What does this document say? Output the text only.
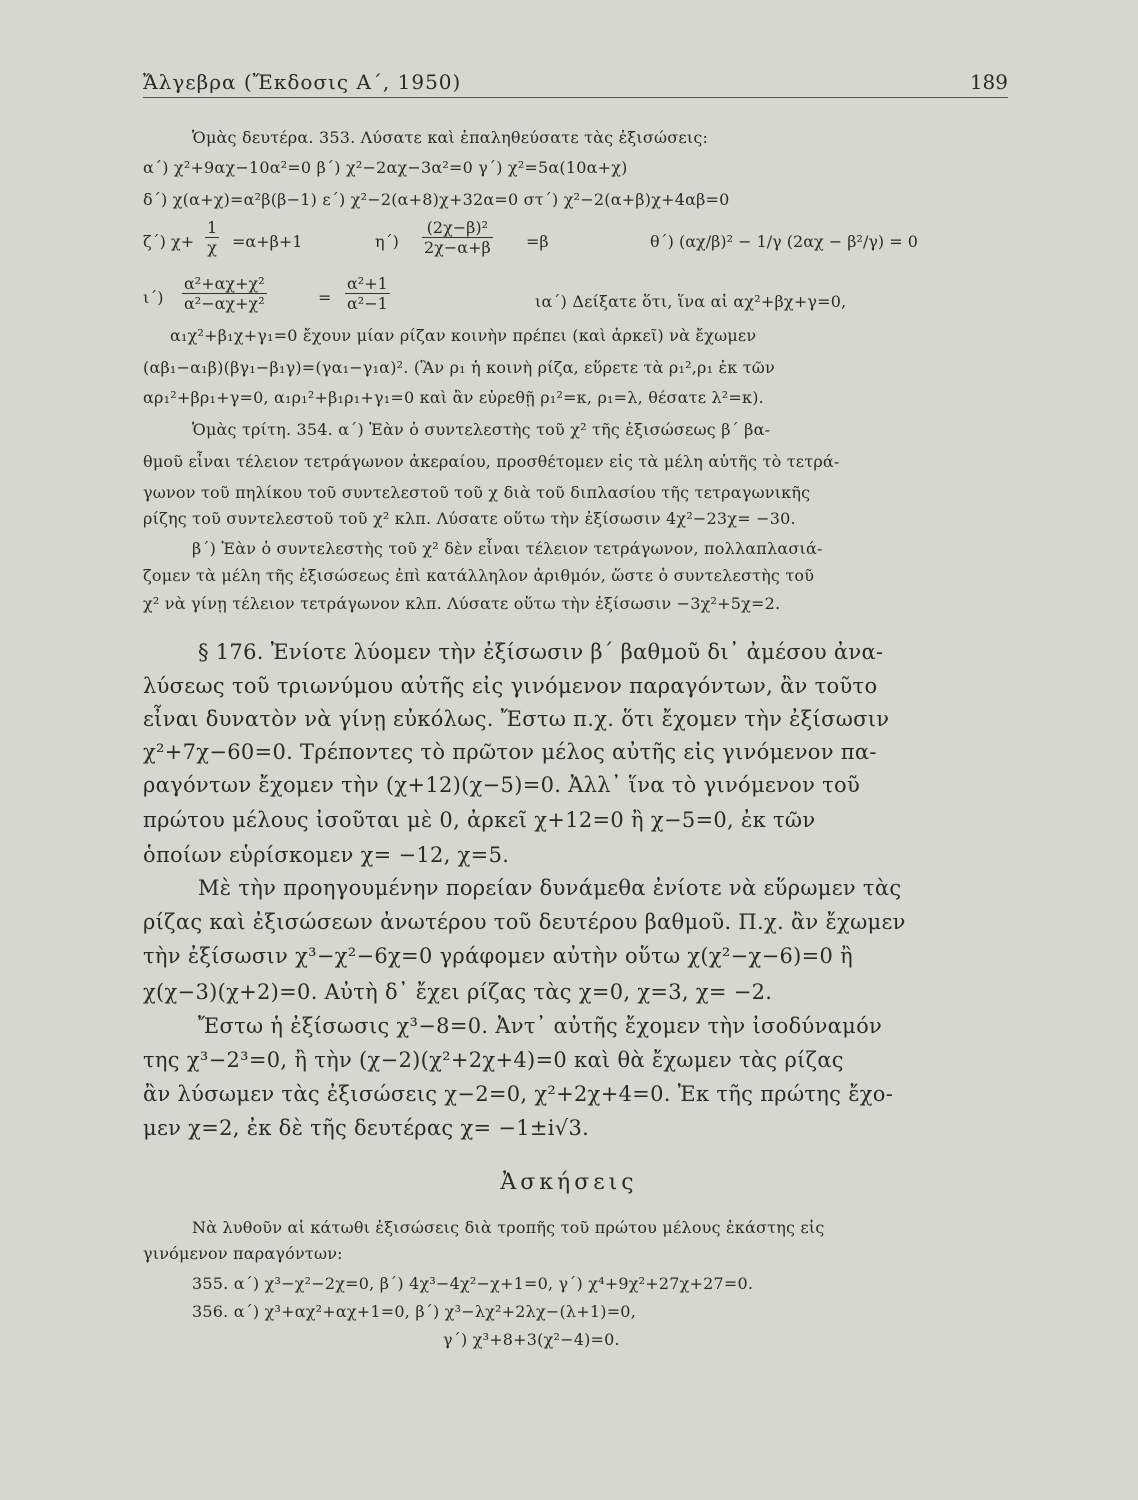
Ἄλγεβρα (Ἔκδοσις Α΄, 1950)	189
Ὁμὰς δευτέρα. 353. Λύσατε καὶ ἐπαληθεύσατε τὰς ἐξισώσεις:
α΄) χ²+9αχ−10α²=0 β΄) χ²−2αχ−3α²=0 γ΄) χ²=5α(10α+χ)
δ΄) χ(α+χ)=α²β(β−1) ε΄) χ²−2(α+8)χ+32α=0 στ΄) χ²−2(α+β)χ+4αβ=0
ζ΄) $\chi+ \frac{1}{\chi} =\alpha+\beta+1$	$\eta΄) \frac{\text{(2χ−β)²}}{2\chi-\alpha+\beta} =\beta$	θ΄) (αχ/β)² − 1/γ (2αχ − β²/γ) = 0
$\iota΄) \frac{\text{α²+αχ+χ²}}{\text{α²−αχ+χ²}}$	= $\frac{\text{α²+1}}{\text{α²−1}}$	ια΄) Δείξατε ὅτι, ἵνα αἱ αχ²+βχ+γ=0,
α₁χ²+β₁χ+γ₁=0 ἔχουν μίαν ρίζαν κοινὴν πρέπει (καὶ ἀρκεῖ) νὰ ἔχωμεν
(αβ₁−α₁β)(βγ₁−β₁γ)=(γα₁−γ₁α)². (Ἂν ρ₁ ἡ κοινὴ ρίζα, εὕρετε τὰ ρ₁²,ρ₁ ἐκ τῶν
αρ₁²+βρ₁+γ=0, α₁ρ₁²+β₁ρ₁+γ₁=0 καὶ ἂν εὑρεθῇ ρ₁²=κ, ρ₁=λ, θέσατε λ²=κ).
Ὁμὰς τρίτη. 354. α΄) Ἐὰν ὁ συντελεστὴς τοῦ χ² τῆς ἐξισώσεως β΄ βα-
θμοῦ εἶναι τέλειον τετράγωνον ἀκεραίου, προσθέτομεν εἰς τὰ μέλη αὐτῆς τὸ τετρά-
γωνον τοῦ πηλίκου τοῦ συντελεστοῦ τοῦ χ διὰ τοῦ διπλασίου τῆς τετραγωνικῆς
ρίζης τοῦ συντελεστοῦ τοῦ χ² κλπ. Λύσατε οὕτω τὴν ἐξίσωσιν 4χ²−23χ= −30.
β΄) Ἐὰν ὁ συντελεστὴς τοῦ χ² δὲν εἶναι τέλειον τετράγωνον, πολλαπλασιά-
ζομεν τὰ μέλη τῆς ἐξισώσεως ἐπὶ κατάλληλον ἀριθμόν, ὥστε ὁ συντελεστὴς τοῦ
χ² νὰ γίνῃ τέλειον τετράγωνον κλπ. Λύσατε οὕτω τὴν ἐξίσωσιν −3χ²+5χ=2.
§ 176. Ἐνίοτε λύομεν τὴν ἐξίσωσιν β΄ βαθμοῦ δι᾽ ἀμέσου ἀνα-
λύσεως τοῦ τριωνύμου αὐτῆς εἰς γινόμενον παραγόντων, ἂν τοῦτο
εἶναι δυνατὸν νὰ γίνῃ εὐκόλως. Ἔστω π.χ. ὅτι ἔχομεν τὴν ἐξίσωσιν
χ²+7χ−60=0. Τρέποντες τὸ πρῶτον μέλος αὐτῆς εἰς γινόμενον πα-
ραγόντων ἔχομεν τὴν (χ+12)(χ−5)=0. Ἀλλ᾽ ἵνα τὸ γινόμενον τοῦ
πρώτου μέλους ἰσοῦται μὲ 0, ἀρκεῖ χ+12=0 ἢ χ−5=0, ἐκ τῶν
ὁποίων εὑρίσκομεν χ= −12, χ=5.
Μὲ τὴν προηγουμένην πορείαν δυνάμεθα ἐνίοτε νὰ εὕρωμεν τὰς
ρίζας καὶ ἐξισώσεων ἀνωτέρου τοῦ δευτέρου βαθμοῦ. Π.χ. ἂν ἔχωμεν
τὴν ἐξίσωσιν χ³−χ²−6χ=0 γράφομεν αὐτὴν οὕτω χ(χ²−χ−6)=0 ἢ
χ(χ−3)(χ+2)=0. Αὐτὴ δ᾽ ἔχει ρίζας τὰς χ=0, χ=3, χ= −2.
Ἔστω ἡ ἐξίσωσις χ³−8=0. Ἀντ᾽ αὐτῆς ἔχομεν τὴν ἰσοδύναμόν
της χ³−2³=0, ἢ τὴν (χ−2)(χ²+2χ+4)=0 καὶ θὰ ἔχωμεν τὰς ρίζας
ἂν λύσωμεν τὰς ἐξισώσεις χ−2=0, χ²+2χ+4=0. Ἐκ τῆς πρώτης ἔχο-
μεν χ=2, ἐκ δὲ τῆς δευτέρας χ= −1±i√3.
Ἀσκήσεις
Νὰ λυθοῦν αἱ κάτωθι ἐξισώσεις διὰ τροπῆς τοῦ πρώτου μέλους ἑκάστης εἰς
γινόμενον παραγόντων:
355. α΄) χ³−χ²−2χ=0, β΄) 4χ³−4χ²−χ+1=0, γ΄) χ⁴+9χ²+27χ+27=0.
356. α΄) χ³+αχ²+αχ+1=0, β΄) χ³−λχ²+2λχ−(λ+1)=0,
γ΄) χ³+8+3(χ²−4)=0.
